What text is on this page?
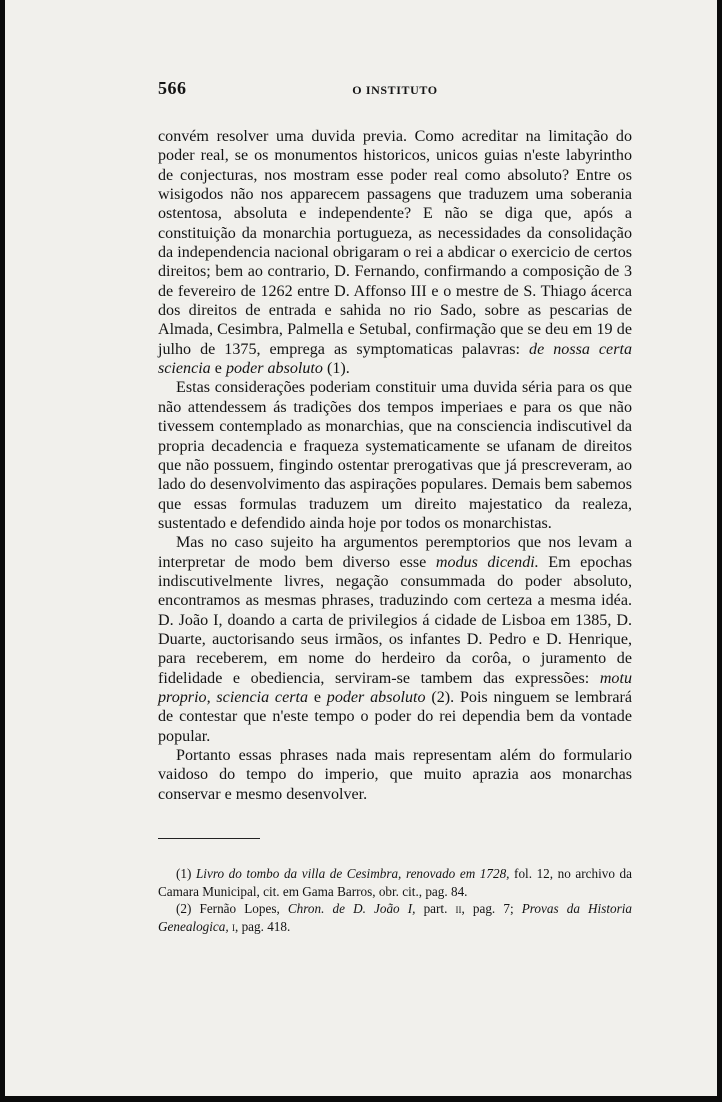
566	O INSTITUTO

convém resolver uma duvida previa. Como acreditar na limitação do poder real, se os monumentos historicos, unicos guias n'este labyrintho de conjecturas, nos mostram esse poder real como absoluto? Entre os wisigodos não nos apparecem passagens que traduzem uma soberania ostentosa, absoluta e independente? E não se diga que, após a constituição da monarchia portugueza, as necessidades da consolidação da independencia nacional obrigaram o rei a abdicar o exercicio de certos direitos; bem ao contrario, D. Fernando, confirmando a composição de 3 de fevereiro de 1262 entre D. Affonso III e o mestre de S. Thiago ácerca dos direitos de entrada e sahida no rio Sado, sobre as pescarias de Almada, Cesimbra, Palmella e Setubal, confirmação que se deu em 19 de julho de 1375, emprega as symptomaticas palavras: de nossa certa sciencia e poder absoluto (1).

Estas considerações poderiam constituir uma duvida séria para os que não attendessem ás tradições dos tempos imperiaes e para os que não tivessem contemplado as monarchias, que na consciencia indiscutivel da propria decadencia e fraqueza systematicamente se ufanam de direitos que não possuem, fingindo ostentar prerogativas que já prescreveram, ao lado do desenvolvimento das aspirações populares. Demais bem sabemos que essas formulas traduzem um direito majestatico da realeza, sustentado e defendido ainda hoje por todos os monarchistas.

Mas no caso sujeito ha argumentos peremptorios que nos levam a interpretar de modo bem diverso esse modus dicendi. Em epochas indiscutivelmente livres, negação consummada do poder absoluto, encontramos as mesmas phrases, traduzindo com certeza a mesma idéa. D. João I, doando a carta de privilegios á cidade de Lisboa em 1385, D. Duarte, auctorisando seus irmãos, os infantes D. Pedro e D. Henrique, para receberem, em nome do herdeiro da corôa, o juramento de fidelidade e obediencia, serviram-se tambem das expressões: motu proprio, sciencia certa e poder absoluto (2). Pois ninguem se lembrará de contestar que n'este tempo o poder do rei dependia bem da vontade popular.

Portanto essas phrases nada mais representam além do formulario vaidoso do tempo do imperio, que muito aprazia aos monarchas conservar e mesmo desenvolver.

(1) Livro do tombo da villa de Cesimbra, renovado em 1728, fol. 12, no archivo da Camara Municipal, cit. em Gama Barros, obr. cit., pag. 84.

(2) Fernão Lopes, Chron. de D. João I, part. ii, pag. 7; Provas da Historia Genealogica, i, pag. 418.
